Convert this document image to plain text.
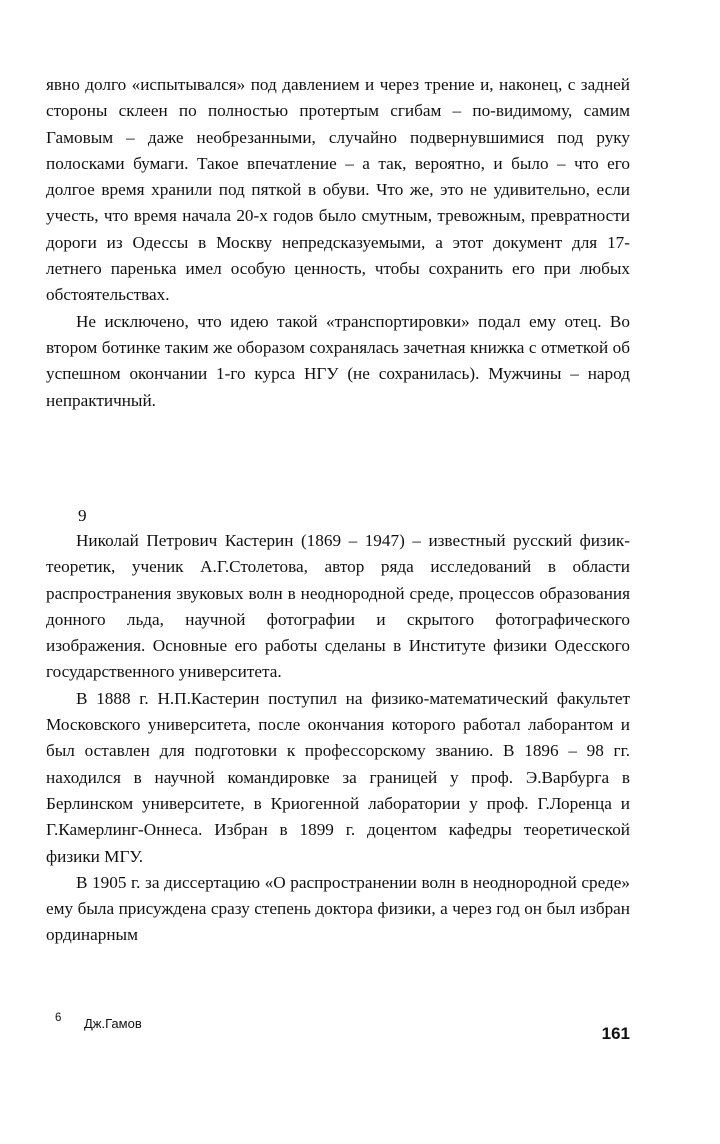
явно долго «испытывался» под давлением и через трение и, наконец, с задней стороны склеен по полностью протертым сгибам – по-видимому, самим Гамовым – даже необрезанными, случайно подвернувшимися под руку полосками бумаги. Такое впечатление – а так, вероятно, и было – что его долгое время хранили под пяткой в обуви. Что же, это не удивительно, если учесть, что время начала 20-х годов было смутным, тревожным, превратности дороги из Одессы в Москву непредсказуемыми, а этот документ для 17-летнего паренька имел особую ценность, чтобы сохранить его при любых обстоятельствах.

Не исключено, что идею такой «транспортировки» подал ему отец. Во втором ботинке таким же оборазом сохранялась зачетная книжка с отметкой об успешном окончании 1-го курса НГУ (не сохранилась). Мужчины – народ непрактичный.

9

Николай Петрович Кастерин (1869 – 1947) – известный русский физик-теоретик, ученик А.Г.Столетова, автор ряда исследований в области распространения звуковых волн в неоднородной среде, процессов образования донного льда, научной фотографии и скрытого фотографического изображения. Основные его работы сделаны в Институте физики Одесского государственного университета.

В 1888 г. Н.П.Кастерин поступил на физико-математический факультет Московского университета, после окончания которого работал лаборантом и был оставлен для подготовки к профессорскому званию. В 1896 – 98 гг. находился в научной командировке за границей у проф. Э.Варбурга в Берлинском университете, в Криогенной лаборатории у проф. Г.Лоренца и Г.Камерлинг-Оннеса. Избран в 1899 г. доцентом кафедры теоретической физики МГУ.

В 1905 г. за диссертацию «О распространении волн в неоднородной среде» ему была присуждена сразу степень доктора физики, а через год он был избран ординарным

6 Дж.Гамов
161
